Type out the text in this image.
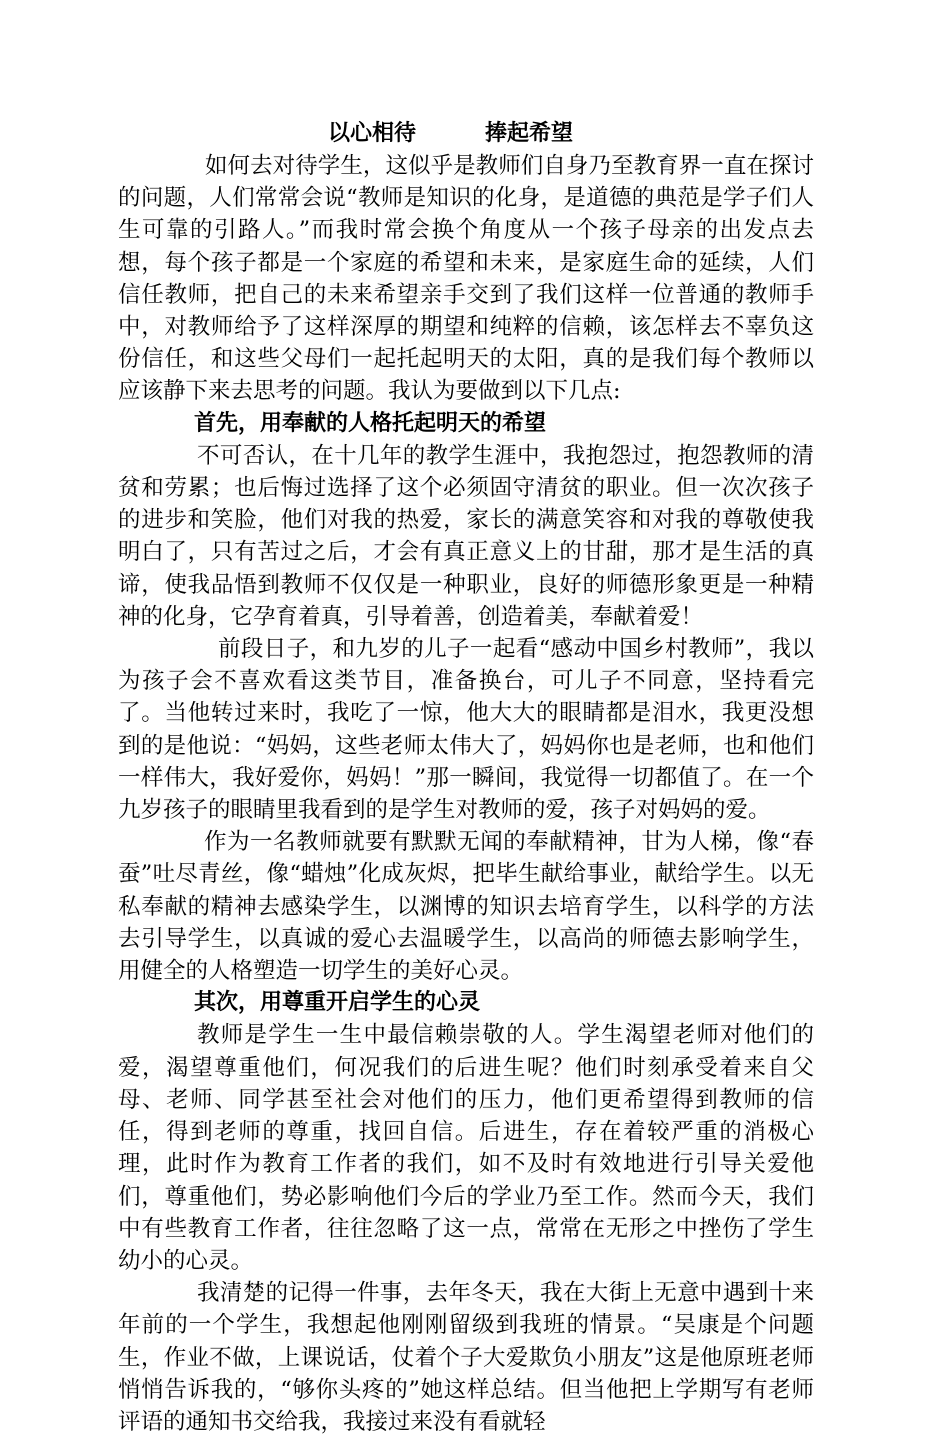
以心相待	捧起希望

如何去对待学生，这似乎是教师们自身乃至教育界一直在探讨的问题，人们常常会说“教师是知识的化身，是道德的典范是学子们人生可靠的引路人。”而我时常会换个角度从一个孩子母亲的出发点去想，每个孩子都是一个家庭的希望和未来，是家庭生命的延续，人们信任教师，把自己的未来希望亲手交到了我们这样一位普通的教师手中，对教师给予了这样深厚的期望和纯粹的信赖，该怎样去不辜负这份信任，和这些父母们一起托起明天的太阳，真的是我们每个教师以应该静下来去思考的问题。我认为要做到以下几点:

首先，用奉献的人格托起明天的希望

不可否认，在十几年的教学生涯中，我抱怨过，抱怨教师的清贫和劳累；也后悔过选择了这个必须固守清贫的职业。但一次次孩子的进步和笑脸，他们对我的热爱，家长的满意笑容和对我的尊敬使我明白了，只有苦过之后，才会有真正意义上的甘甜，那才是生活的真谛，使我品悟到教师不仅仅是一种职业，良好的师德形象更是一种精神的化身，它孕育着真，引导着善，创造着美，奉献着爱！

前段日子，和九岁的儿子一起看“感动中国乡村教师”，我以为孩子会不喜欢看这类节目，准备换台，可儿子不同意，坚持看完了。当他转过来时，我吃了一惊，他大大的眼睛都是泪水，我更没想到的是他说：“妈妈，这些老师太伟大了，妈妈你也是老师，也和他们一样伟大，我好爱你，妈妈！”那一瞬间，我觉得一切都值了。在一个九岁孩子的眼睛里我看到的是学生对教师的爱，孩子对妈妈的爱。

作为一名教师就要有默默无闻的奉献精神，甘为人梯，像“春蚕”吐尽青丝，像“蜡烛”化成灰烬，把毕生献给事业，献给学生。以无私奉献的精神去感染学生，以渊博的知识去培育学生，以科学的方法去引导学生，以真诚的爱心去温暖学生，以高尚的师德去影响学生，用健全的人格塑造一切学生的美好心灵。

其次，用尊重开启学生的心灵

教师是学生一生中最信赖崇敬的人。学生渴望老师对他们的爱，渴望尊重他们，何况我们的后进生呢？他们时刻承受着来自父母、老师、同学甚至社会对他们的压力，他们更希望得到教师的信任，得到老师的尊重，找回自信。后进生，存在着较严重的消极心理，此时作为教育工作者的我们，如不及时有效地进行引导关爱他们，尊重他们，势必影响他们今后的学业乃至工作。然而今天，我们中有些教育工作者，往往忽略了这一点，常常在无形之中挫伤了学生幼小的心灵。

我清楚的记得一件事，去年冬天，我在大街上无意中遇到十来年前的一个学生，我想起他刚刚留级到我班的情景。“吴康是个问题生，作业不做，上课说话，仗着个子大爱欺负小朋友”这是他原班老师悄悄告诉我的，“够你头疼的”她这样总结。但当他把上学期写有老师评语的通知书交给我，我接过来没有看就轻
